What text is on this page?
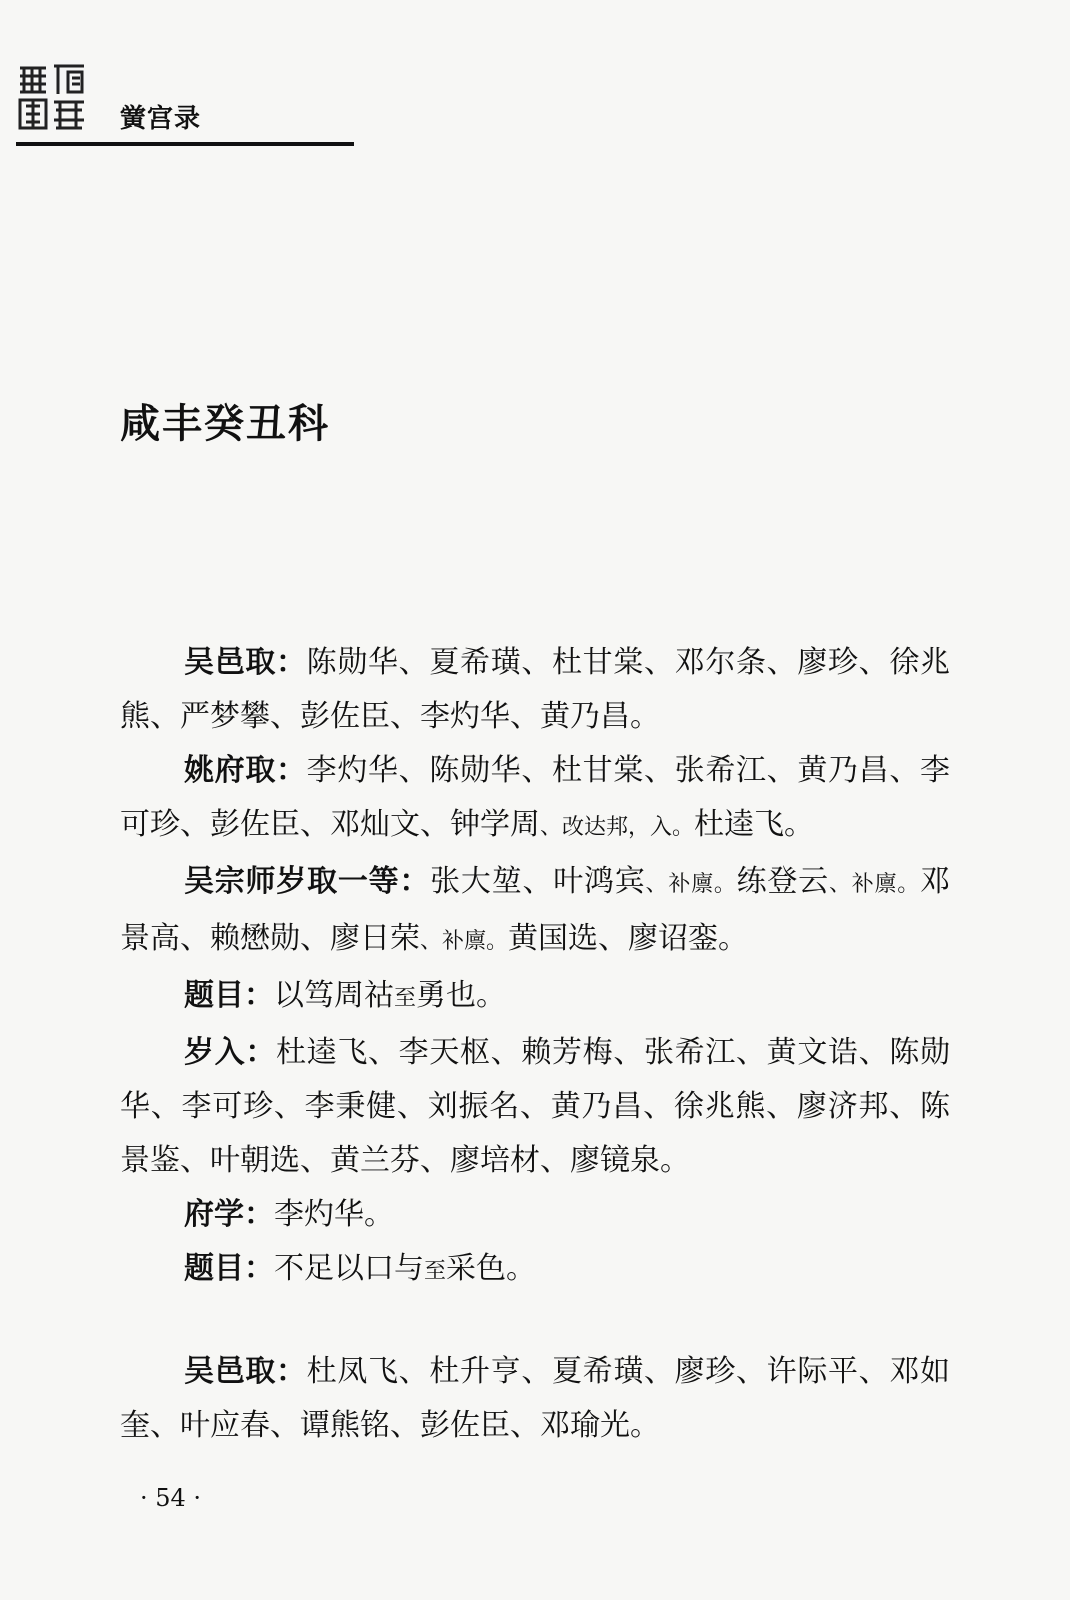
黉宫录
咸丰癸丑科

吴邑取：陈勋华、夏希璜、杜甘棠、邓尔条、廖珍、徐兆熊、严梦攀、彭佐臣、李灼华、黄乃昌。

姚府取：李灼华、陈勋华、杜甘棠、张希江、黄乃昌、李可珍、彭佐臣、邓灿文、钟学周、改达邦，入。杜逵飞。

吴宗师岁取一等：张大堃、叶鸿宾、补廪。练登云、补廪。邓景高、赖懋勋、廖日荣、补廪。黄国选、廖诏銮。

题目：以笃周祜至勇也。

岁入：杜逵飞、李天枢、赖芳梅、张希江、黄文诰、陈勋华、李可珍、李秉健、刘振名、黄乃昌、徐兆熊、廖济邦、陈景鉴、叶朝选、黄兰芬、廖培材、廖镜泉。

府学：李灼华。

题目：不足以口与至采色。

吴邑取：杜凤飞、杜升亨、夏希璜、廖珍、许际平、邓如奎、叶应春、谭熊铭、彭佐臣、邓瑜光。

· 54 ·
